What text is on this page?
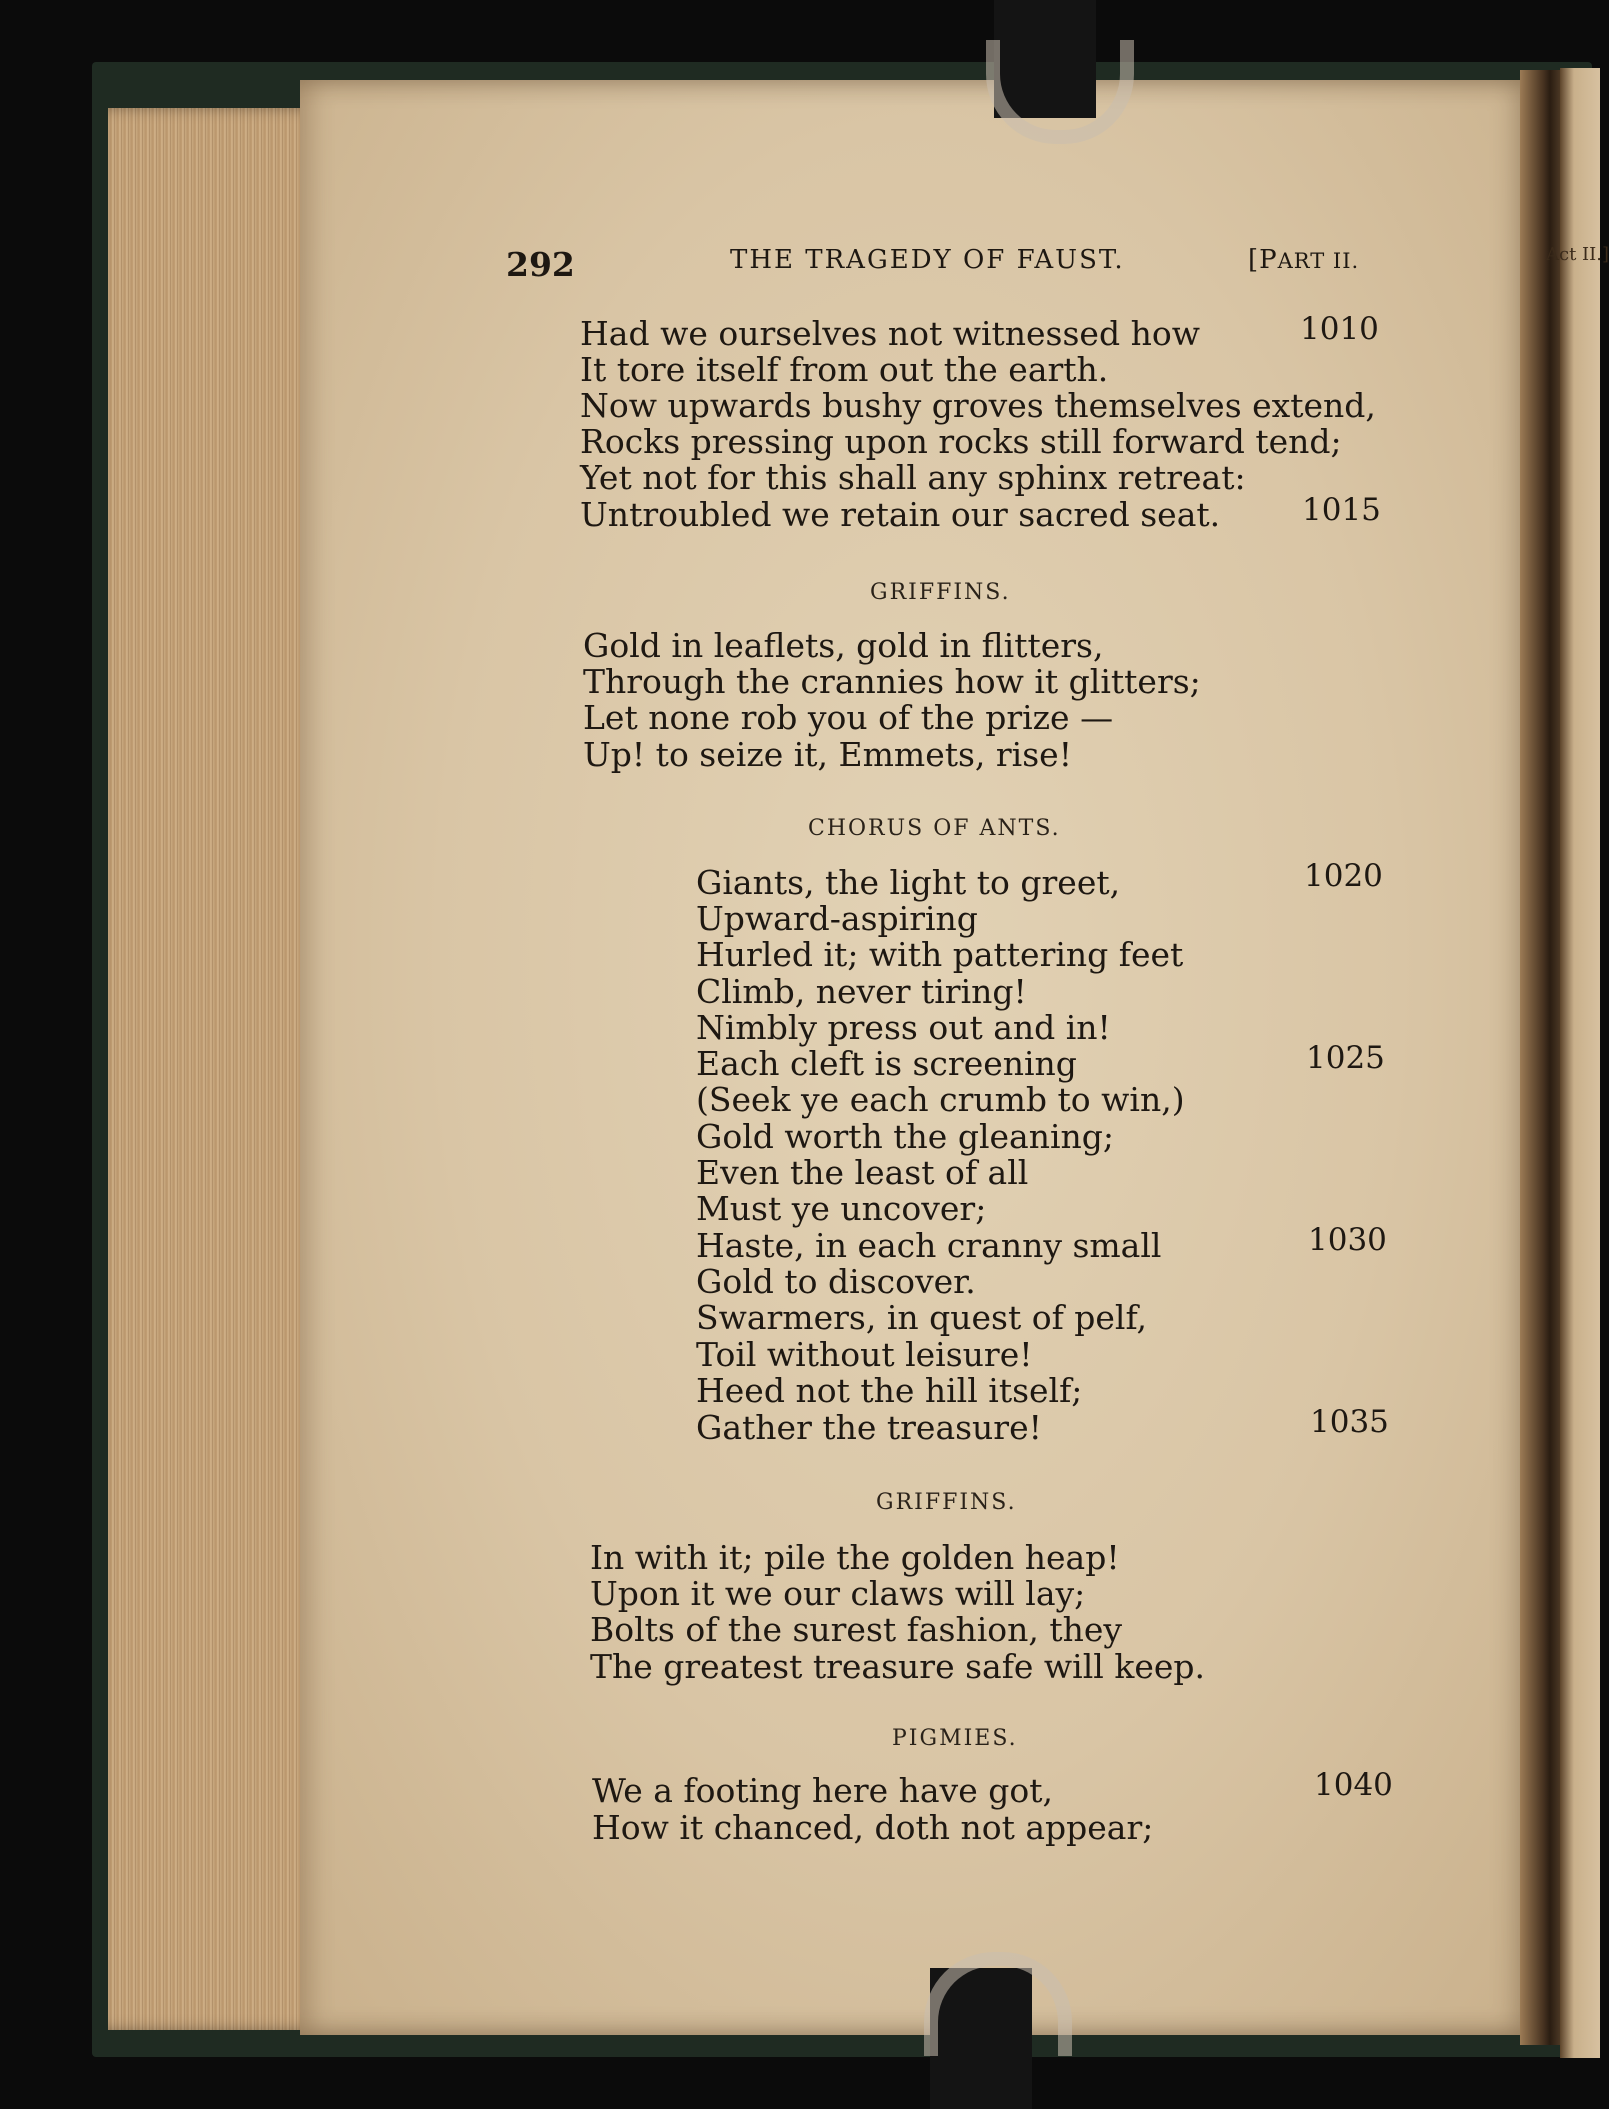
Act II.]
292	THE TRAGEDY OF FAUST.	[PART II.
Had we ourselves not witnessed how	1010
It tore itself from out the earth.
Now upwards bushy groves themselves extend,
Rocks pressing upon rocks still forward tend;
Yet not for this shall any sphinx retreat:
Untroubled we retain our sacred seat.	1015
GRIFFINS.
Gold in leaflets, gold in flitters,
Through the crannies how it glitters;
Let none rob you of the prize —
Up! to seize it, Emmets, rise!
CHORUS OF ANTS.
Giants, the light to greet,	1020
Upward-aspiring
Hurled it; with pattering feet
Climb, never tiring!
Nimbly press out and in!
Each cleft is screening	1025
(Seek ye each crumb to win,)
Gold worth the gleaning;
Even the least of all
Must ye uncover;
Haste, in each cranny small	1030
Gold to discover.
Swarmers, in quest of pelf,
Toil without leisure!
Heed not the hill itself;
Gather the treasure!	1035
GRIFFINS.
In with it; pile the golden heap!
Upon it we our claws will lay;
Bolts of the surest fashion, they
The greatest treasure safe will keep.
PIGMIES.
We a footing here have got,	1040
How it chanced, doth not appear;
